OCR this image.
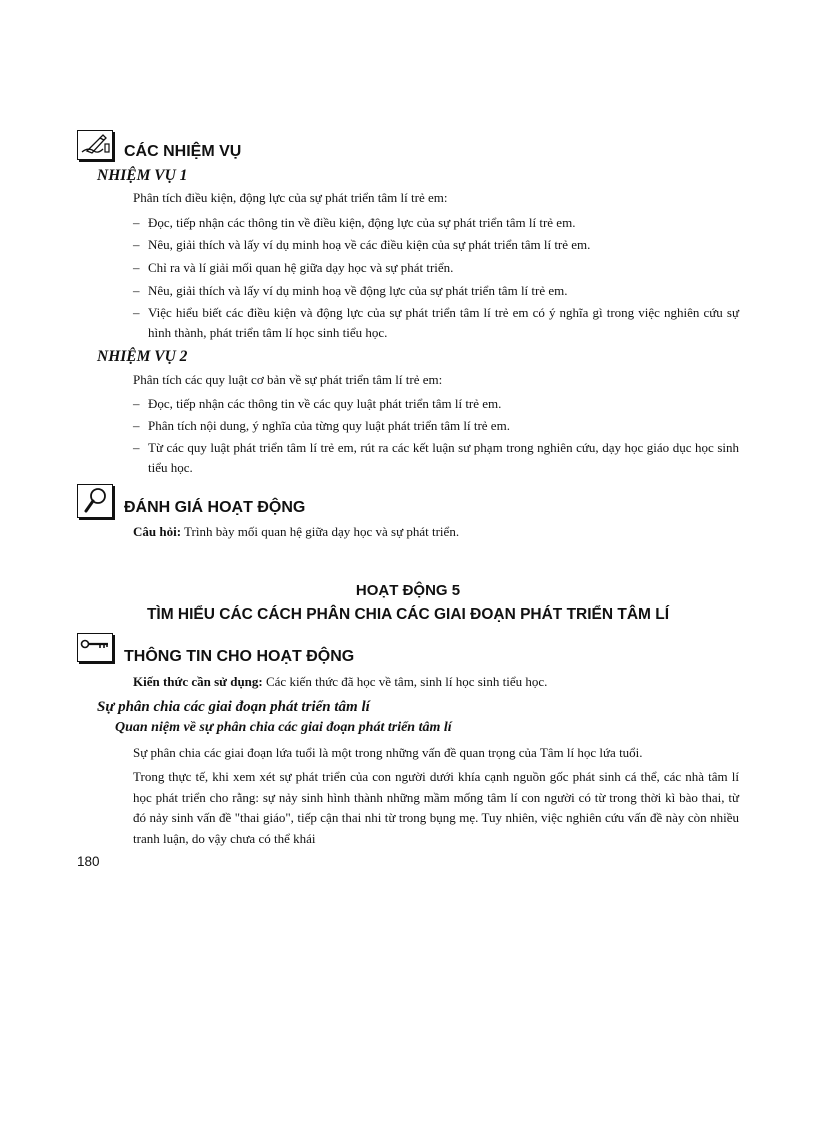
CÁC NHIỆM VỤ
NHIỆM VỤ 1
Phân tích điều kiện, động lực của sự phát triển tâm lí trẻ em:
– Đọc, tiếp nhận các thông tin về điều kiện, động lực của sự phát triển tâm lí trẻ em.
– Nêu, giải thích và lấy ví dụ minh hoạ về các điều kiện của sự phát triển tâm lí trẻ em.
– Chỉ ra và lí giải mối quan hệ giữa dạy học và sự phát triển.
– Nêu, giải thích và lấy ví dụ minh hoạ về động lực của sự phát triển tâm lí trẻ em.
– Việc hiểu biết các điều kiện và động lực của sự phát triển tâm lí trẻ em có ý nghĩa gì trong việc nghiên cứu sự hình thành, phát triển tâm lí học sinh tiểu học.
NHIỆM VỤ 2
Phân tích các quy luật cơ bản về sự phát triển tâm lí trẻ em:
– Đọc, tiếp nhận các thông tin về các quy luật phát triển tâm lí trẻ em.
– Phân tích nội dung, ý nghĩa của từng quy luật phát triển tâm lí trẻ em.
– Từ các quy luật phát triển tâm lí trẻ em, rút ra các kết luận sư phạm trong nghiên cứu, dạy học giáo dục học sinh tiểu học.
ĐÁNH GIÁ HOẠT ĐỘNG
Câu hỏi: Trình bày mối quan hệ giữa dạy học và sự phát triển.
HOẠT ĐỘNG 5
TÌM HIỂU CÁC CÁCH PHÂN CHIA CÁC GIAI ĐOẠN PHÁT TRIỂN TÂM LÍ
THÔNG TIN CHO HOẠT ĐỘNG
Kiến thức cần sử dụng: Các kiến thức đã học về tâm, sinh lí học sinh tiểu học.
Sự phân chia các giai đoạn phát triển tâm lí
Quan niệm về sự phân chia các giai đoạn phát triển tâm lí
Sự phân chia các giai đoạn lứa tuổi là một trong những vấn đề quan trọng của Tâm lí học lứa tuổi.
Trong thực tế, khi xem xét sự phát triển của con người dưới khía cạnh nguồn gốc phát sinh cá thể, các nhà tâm lí học phát triển cho rằng: sự nảy sinh hình thành những mầm mống tâm lí con người có từ trong thời kì bào thai, từ đó nảy sinh vấn đề "thai giáo", tiếp cận thai nhi từ trong bụng mẹ. Tuy nhiên, việc nghiên cứu vấn đề này còn nhiều tranh luận, do vậy chưa có thể khái
180
